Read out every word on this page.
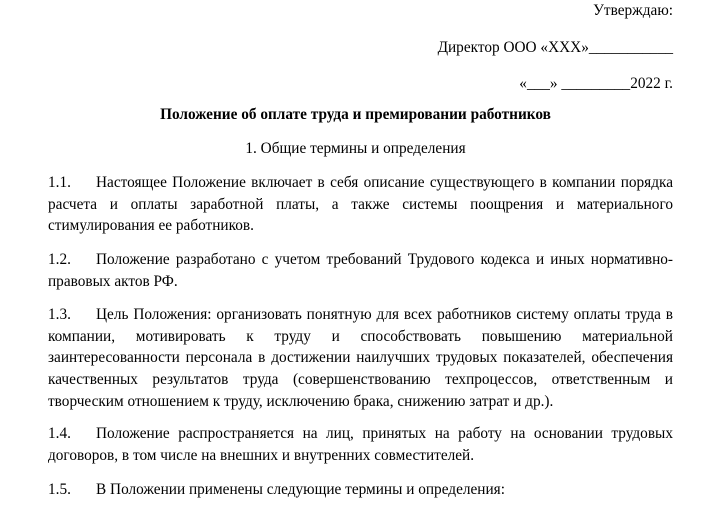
Утверждаю:
Директор ООО «ХХХ»___________
«___» _________2022 г.
Положение об оплате труда и премировании работников
1. Общие термины и определения
1.1. Настоящее Положение включает в себя описание существующего в компании порядка расчета и оплаты заработной платы, а также системы поощрения и материального стимулирования ее работников.
1.2. Положение разработано с учетом требований Трудового кодекса и иных нормативно-правовых актов РФ.
1.3. Цель Положения: организовать понятную для всех работников систему оплаты труда в компании, мотивировать к труду и способствовать повышению материальной заинтересованности персонала в достижении наилучших трудовых показателей, обеспечения качественных результатов труда (совершенствованию техпроцессов, ответственным и творческим отношением к труду, исключению брака, снижению затрат и др.).
1.4. Положение распространяется на лиц, принятых на работу на основании трудовых договоров, в том числе на внешних и внутренних совместителей.
1.5. В Положении применены следующие термины и определения:
